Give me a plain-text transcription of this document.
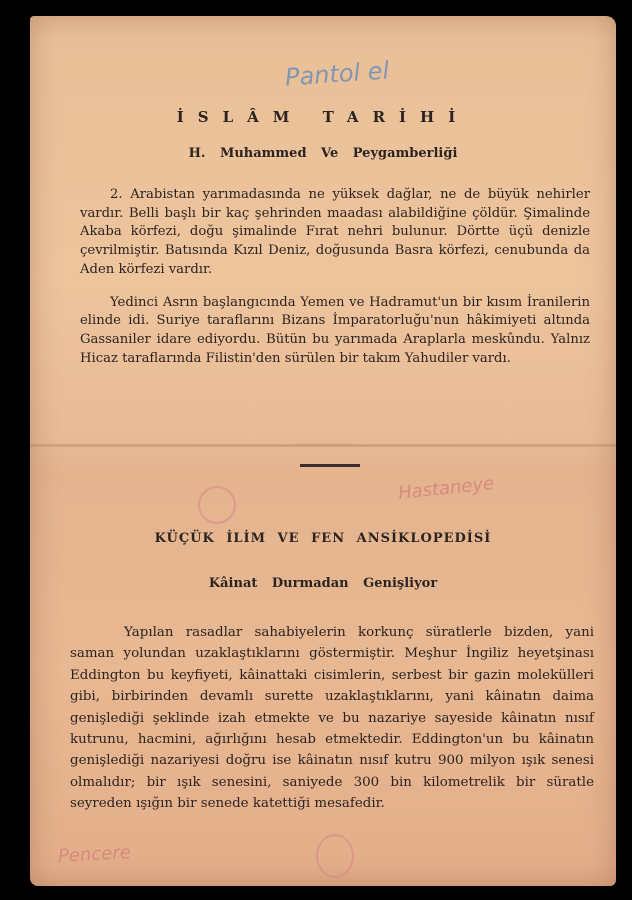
Pantol el
Hastaneye
Pencere
İSLÂM TARİHİ
H. Muhammed Ve Peygamberliği

2. Arabistan yarımadasında ne yüksek dağlar, ne de büyük nehirler vardır. Belli başlı bir kaç şehrinden maadası alabildiğine çöldür. Şimalinde Akaba körfezi, doğu şimalinde Fırat nehri bulunur. Dörtte üçü denizle çevrilmiştir. Batısında Kızıl Deniz, doğusunda Basra körfezi, cenubunda da Aden körfezi vardır.

Yedinci Asrın başlangıcında Yemen ve Hadramut'un bir kısım İranilerin elinde idi. Suriye taraflarını Bizans İmparatorluğu'nun hâkimiyeti altında Gassaniler idare ediyordu. Bütün bu yarımada Araplarla meskûndu. Yalnız Hicaz taraflarında Filistin'den sürülen bir takım Yahudiler vardı.

KÜÇÜK İLİM VE FEN ANSİKLOPEDİSİ
Kâinat Durmadan Genişliyor

Yapılan rasadlar sahabiyelerin korkunç süratlerle bizden, yani saman yolundan uzaklaştıklarını göstermiştir. Meşhur İngiliz heyetşinası Eddington bu keyfiyeti, kâinattaki cisimlerin, serbest bir gazin molekülleri gibi, birbirinden devamlı surette uzaklaştıklarını, yani kâinatın daima genişlediği şeklinde izah etmekte ve bu nazariye sayeside kâinatın nısıf kutrunu, hacmini, ağırlığını hesab etmektedir. Eddington'un bu kâinatın genişlediği nazariyesi doğru ise kâinatın nısıf kutru 900 milyon ışık senesi olmalıdır; bir ışık senesini, saniyede 300 bin kilometrelik bir süratle seyreden ışığın bir senede katettiği mesafedir.
